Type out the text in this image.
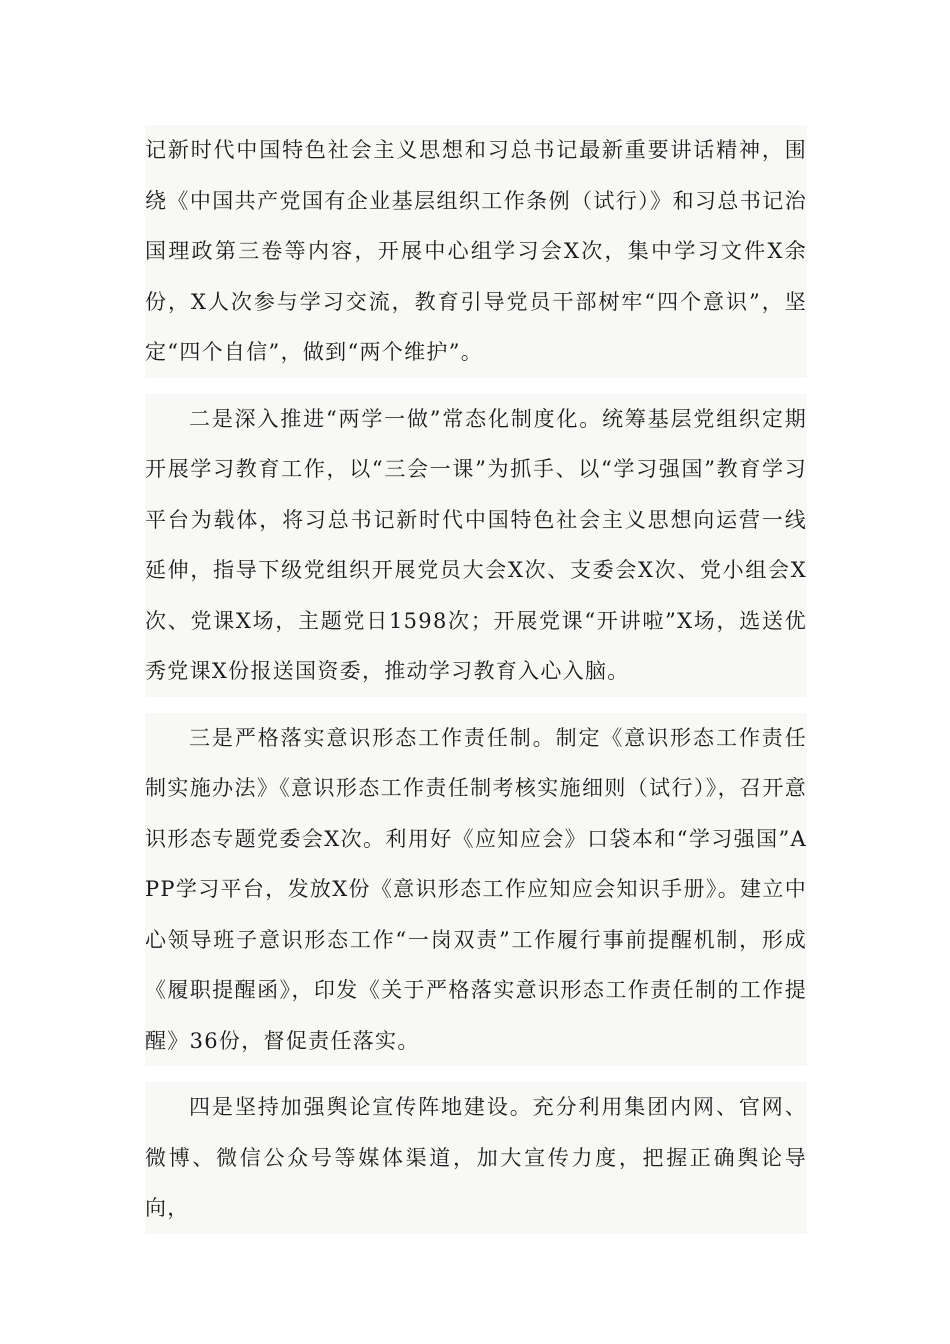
记新时代中国特色社会主义思想和习总书记最新重要讲话精神，围绕《中国共产党国有企业基层组织工作条例（试行）》和习总书记治国理政第三卷等内容，开展中心组学习会X次，集中学习文件X余份，X人次参与学习交流，教育引导党员干部树牢“四个意识”，坚定“四个自信”，做到“两个维护”。

二是深入推进“两学一做”常态化制度化。统筹基层党组织定期开展学习教育工作，以“三会一课”为抓手、以“学习强国”教育学习平台为载体，将习总书记新时代中国特色社会主义思想向运营一线延伸，指导下级党组织开展党员大会X次、支委会X次、党小组会X次、党课X场，主题党日1598次；开展党课“开讲啦”X场，选送优秀党课X份报送国资委，推动学习教育入心入脑。

三是严格落实意识形态工作责任制。制定《意识形态工作责任制实施办法》《意识形态工作责任制考核实施细则（试行）》，召开意识形态专题党委会X次。利用好《应知应会》口袋本和“学习强国”APP学习平台，发放X份《意识形态工作应知应会知识手册》。建立中心领导班子意识形态工作“一岗双责”工作履行事前提醒机制，形成《履职提醒函》，印发《关于严格落实意识形态工作责任制的工作提醒》36份，督促责任落实。

四是坚持加强舆论宣传阵地建设。充分利用集团内网、官网、微博、微信公众号等媒体渠道，加大宣传力度，把握正确舆论导向，
